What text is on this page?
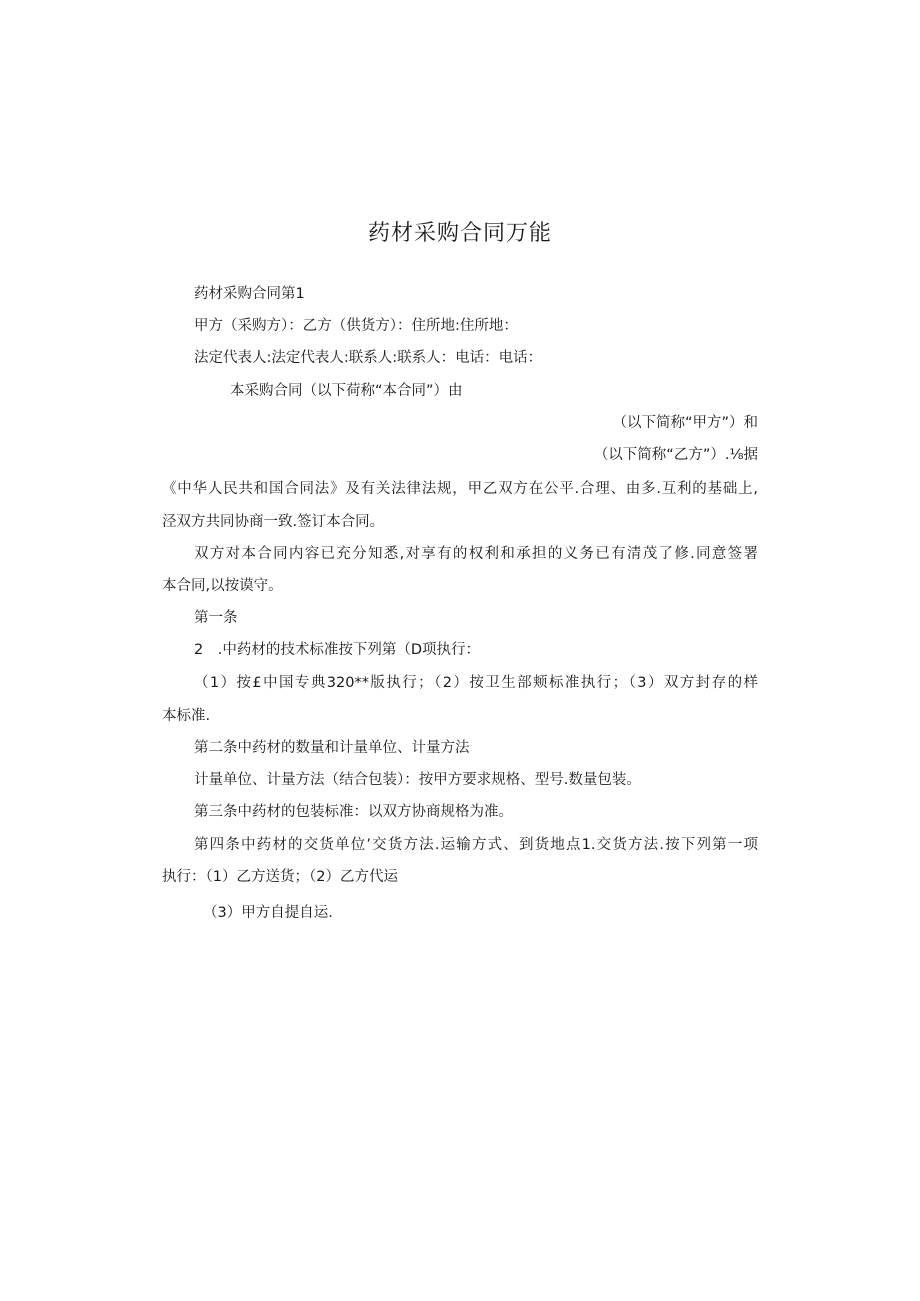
药材采购合同万能

药材采购合同第1

甲方（采购方）：乙方（供货方）：住所地:住所地：

法定代表人:法定代表人:联系人:联系人：电话：电话：

本采购合同（以下荷称“本合同”）由

（以下简称“甲方”）和

（以下简称“乙方”）.⅛据

《中华人民共和国合同法》及有关法律法规，甲乙双方在公平.合理、由多.互利的基础上,

泾双方共同协商一致.签订本合同。

双方对本合同内容已充分知悉,对享有的权利和承担的义务已有清茂了修.同意签署

本合同,以按谟守。

第一条

2　.中药材的技术标准按下列第（D项执行：

（1）按£中国专典320**版执行；（2）按卫生部颊标准执行；（3）双方封存的样

本标准.

第二条中药材的数量和计量单位、计量方法

计量单位、计量方法（结合包装）：按甲方要求规格、型号.数量包装。

第三条中药材的包装标准：以双方协商规格为准。

第四条中药材的交货单位’交货方法.运输方式、到货地点1.交货方法.按下列第一项

执行：（1）乙方送货；（2）乙方代运

（3）甲方自提自运.
